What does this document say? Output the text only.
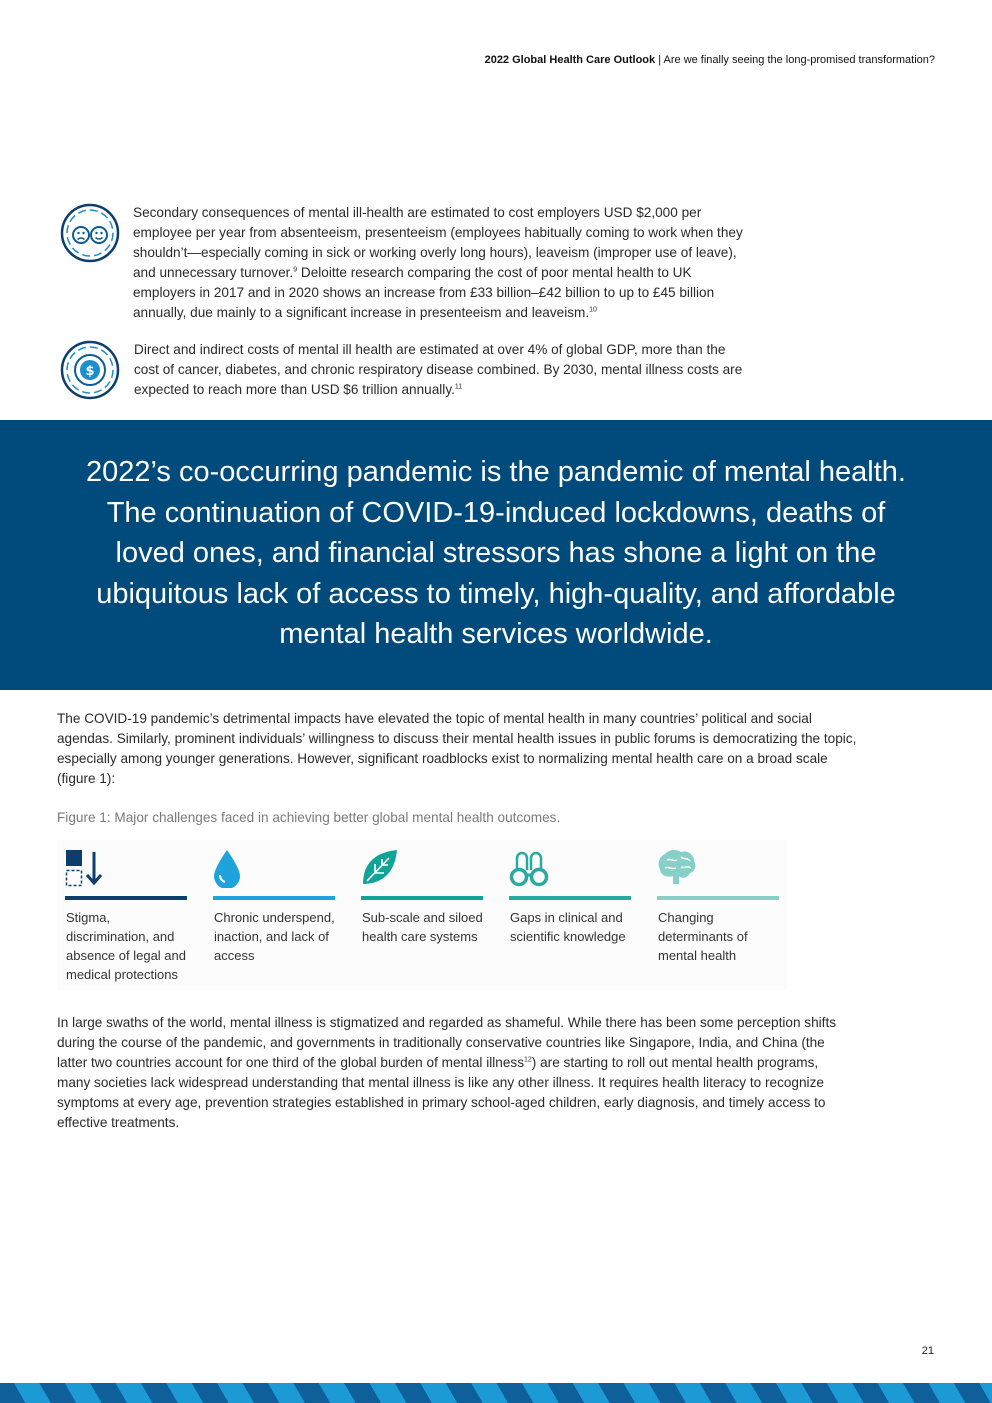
2022 Global Health Care Outlook | Are we finally seeing the long-promised transformation?
Secondary consequences of mental ill-health are estimated to cost employers USD $2,000 per employee per year from absenteeism, presenteeism (employees habitually coming to work when they shouldn’t—especially coming in sick or working overly long hours), leaveism (improper use of leave), and unnecessary turnover.$^9$ Deloitte research comparing the cost of poor mental health to UK employers in 2017 and in 2020 shows an increase from £33 billion–£42 billion to up to £45 billion annually, due mainly to a significant increase in presenteeism and leaveism.$^{10}$
$
Direct and indirect costs of mental ill health are estimated at over 4% of global GDP, more than the cost of cancer, diabetes, and chronic respiratory disease combined. By 2030, mental illness costs are expected to reach more than USD $6 trillion annually.$^{11}$
2022’s co-occurring pandemic is the pandemic of mental health. The continuation of COVID-19-induced lockdowns, deaths of loved ones, and financial stressors has shone a light on the ubiquitous lack of access to timely, high-quality, and affordable mental health services worldwide.
The COVID-19 pandemic’s detrimental impacts have elevated the topic of mental health in many countries’ political and social agendas. Similarly, prominent individuals’ willingness to discuss their mental health issues in public forums is democratizing the topic, especially among younger generations. However, significant roadblocks exist to normalizing mental health care on a broad scale (figure 1):
Figure 1: Major challenges faced in achieving better global mental health outcomes.
Stigma, discrimination, and absence of legal and medical protections
Chronic underspend, inaction, and lack of access
Sub-scale and siloed health care systems
Gaps in clinical and scientific knowledge
Changing determinants of mental health
In large swaths of the world, mental illness is stigmatized and regarded as shameful. While there has been some perception shifts during the course of the pandemic, and governments in traditionally conservative countries like Singapore, India, and China (the latter two countries account for one third of the global burden of mental illness$^{12}$) are starting to roll out mental health programs, many societies lack widespread understanding that mental illness is like any other illness. It requires health literacy to recognize symptoms at every age, prevention strategies established in primary school-aged children, early diagnosis, and timely access to effective treatments.
21
